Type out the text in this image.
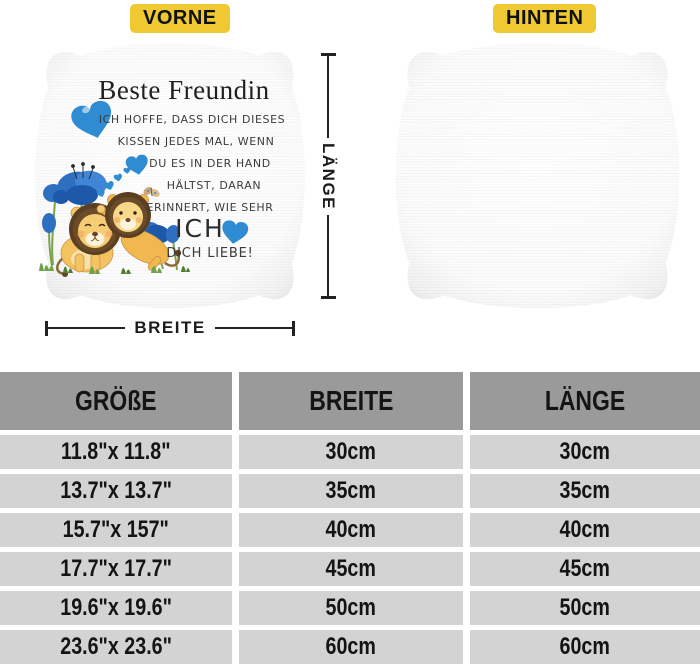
VORNE	HINTEN
Beste Freundin
ICH HOFFE, DASS DICH DIESES
KISSEN JEDES MAL, WENN
DU ES IN DER HAND
HÄLTST, DARAN
ERINNERT, WIE SEHR
ICH
DICH LIEBE!
LÄNGE
BREITE
GRÖßE	BREITE	LÄNGE
11.8"x 11.8"	30cm	30cm
13.7"x 13.7"	35cm	35cm
15.7"x 157"	40cm	40cm
17.7"x 17.7"	45cm	45cm
19.6"x 19.6"	50cm	50cm
23.6"x 23.6"	60cm	60cm
